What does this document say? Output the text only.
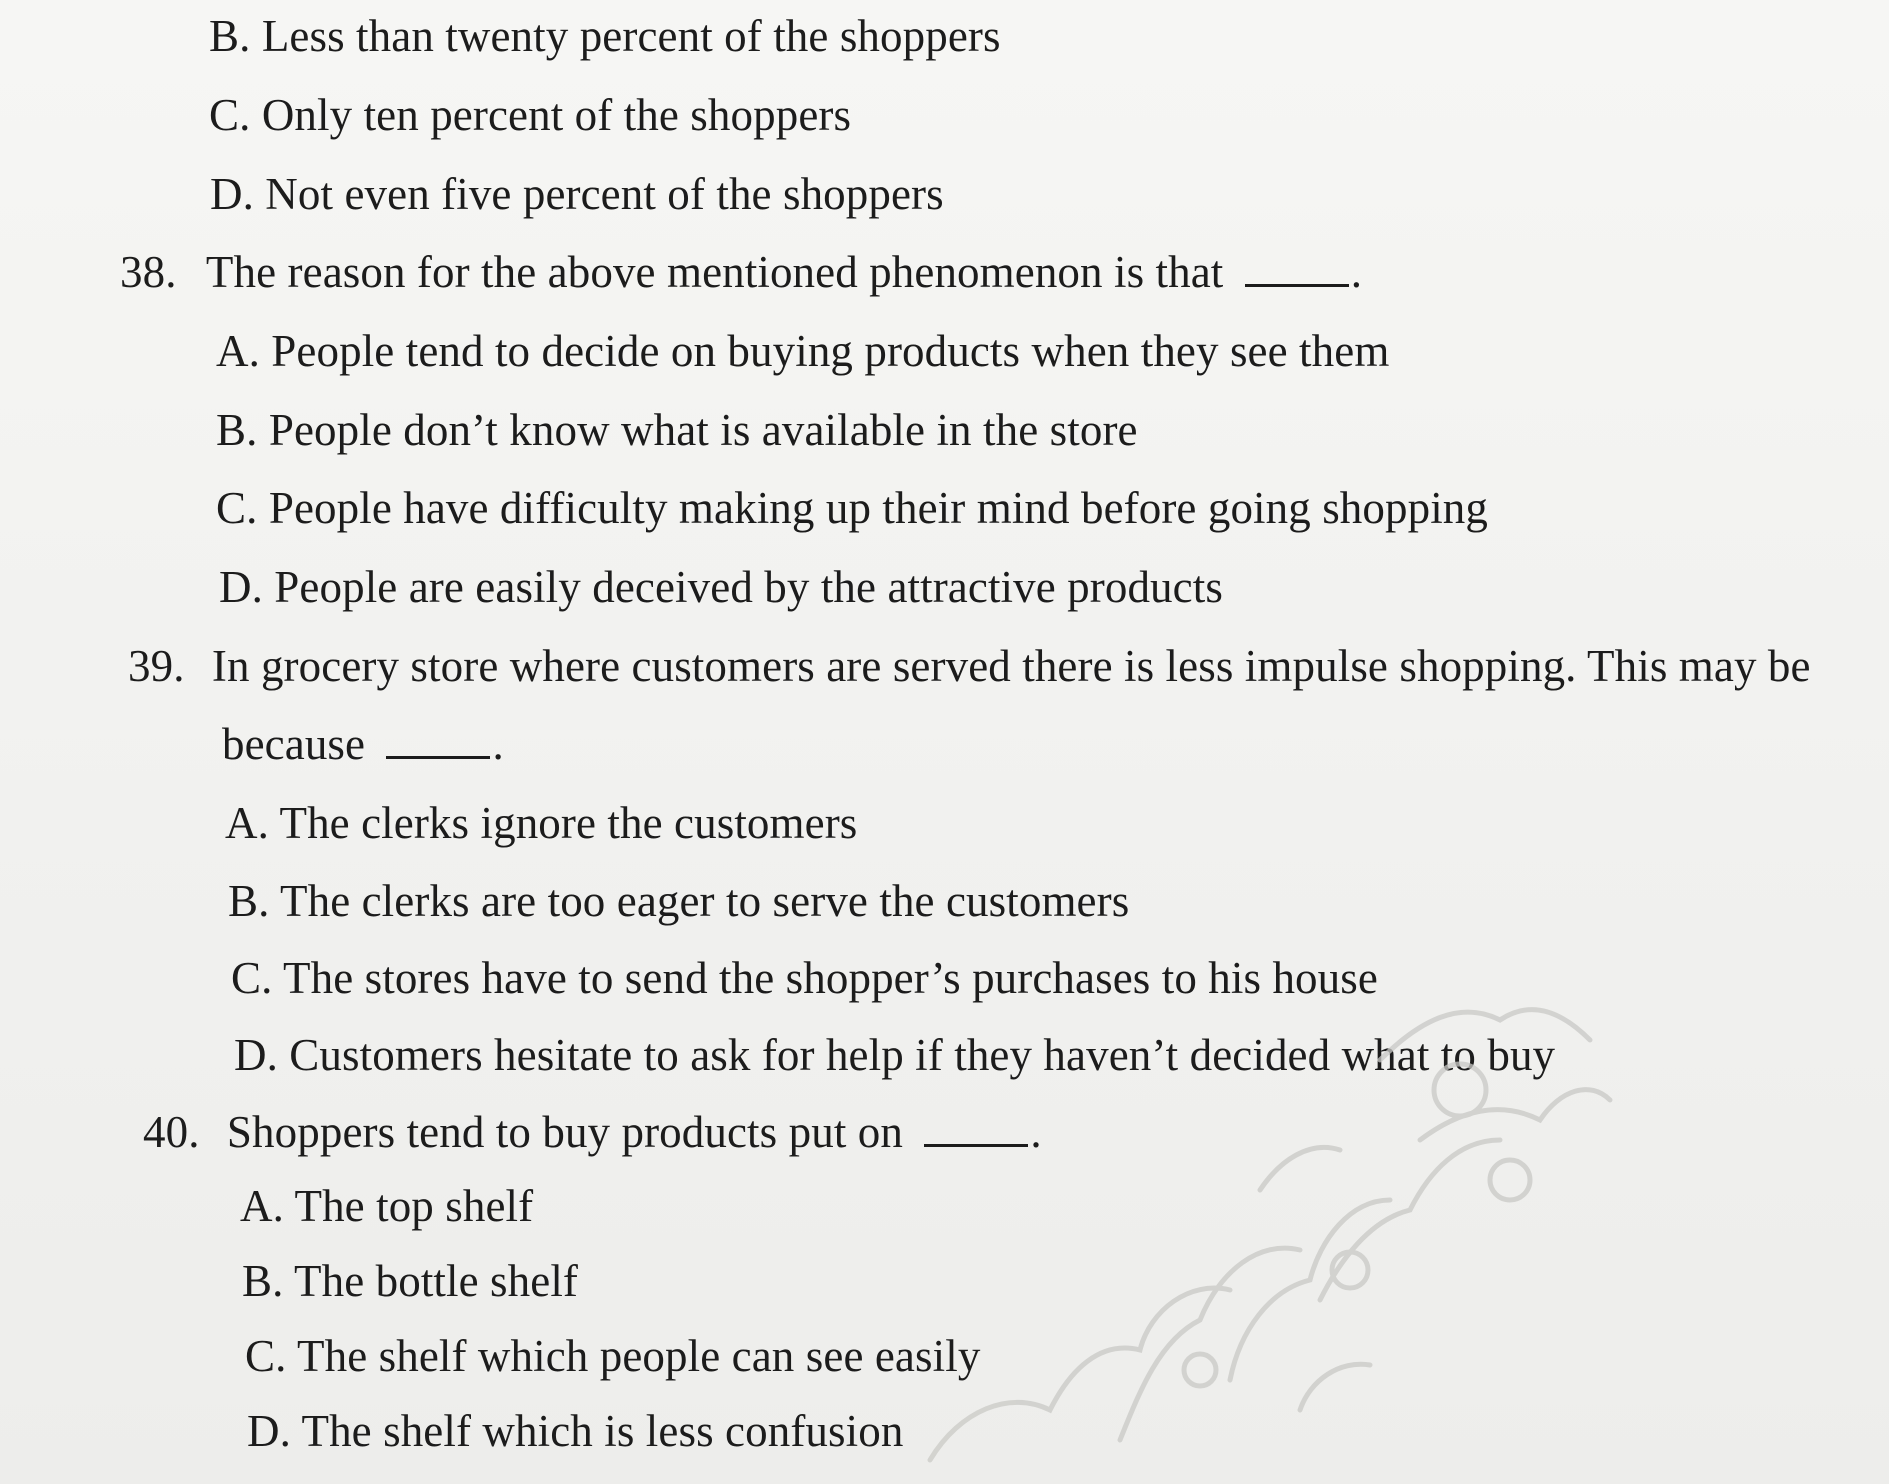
B. Less than twenty percent of the shoppers
C. Only ten percent of the shoppers
D. Not even five percent of the shoppers
38. The reason for the above mentioned phenomenon is that	.
A. People tend to decide on buying products when they see them
B. People don’t know what is available in the store
C. People have difficulty making up their mind before going shopping
D. People are easily deceived by the attractive products
39. In grocery store where customers are served there is less impulse shopping. This may be
because	.
A. The clerks ignore the customers
B. The clerks are too eager to serve the customers
C. The stores have to send the shopper’s purchases to his house
D. Customers hesitate to ask for help if they haven’t decided what to buy
40. Shoppers tend to buy products put on	.
A. The top shelf
B. The bottle shelf
C. The shelf which people can see easily
D. The shelf which is less confusion
